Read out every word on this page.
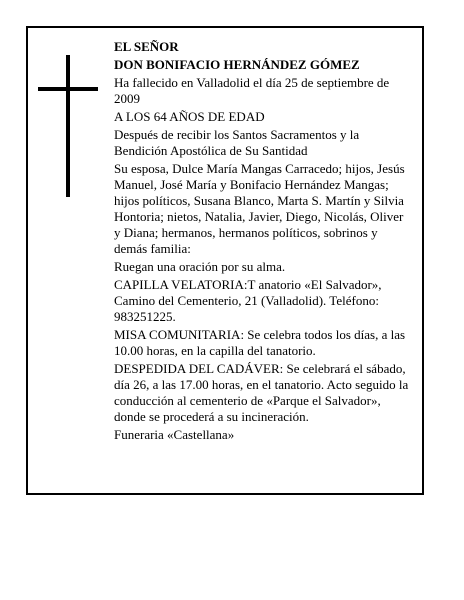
EL SEÑOR

DON BONIFACIO HERNÁNDEZ GÓMEZ

Ha fallecido en Valladolid el día 25 de septiembre de 2009

A LOS 64 AÑOS DE EDAD

Después de recibir los Santos Sacramentos y la Bendición Apostólica de Su Santidad

Su esposa, Dulce María Mangas Carracedo; hijos, Jesús Manuel, José María y Bonifacio Hernández Mangas; hijos políticos, Susana Blanco, Marta S. Martín y Silvia Hontoria; nietos, Natalia, Javier, Diego, Nicolás, Oliver y Diana; hermanos, hermanos políticos, sobrinos y demás familia:

Ruegan una oración por su alma.

CAPILLA VELATORIA:T anatorio «El Salvador», Camino del Cementerio, 21 (Valladolid). Teléfono: 983251225.

MISA COMUNITARIA: Se celebra todos los días, a las 10.00 horas, en la capilla del tanatorio.

DESPEDIDA DEL CADÁVER: Se celebrará el sábado, día 26, a las 17.00 horas, en el tanatorio. Acto seguido la conducción al cementerio de «Parque el Salvador», donde se procederá a su incineración.

Funeraria «Castellana»
